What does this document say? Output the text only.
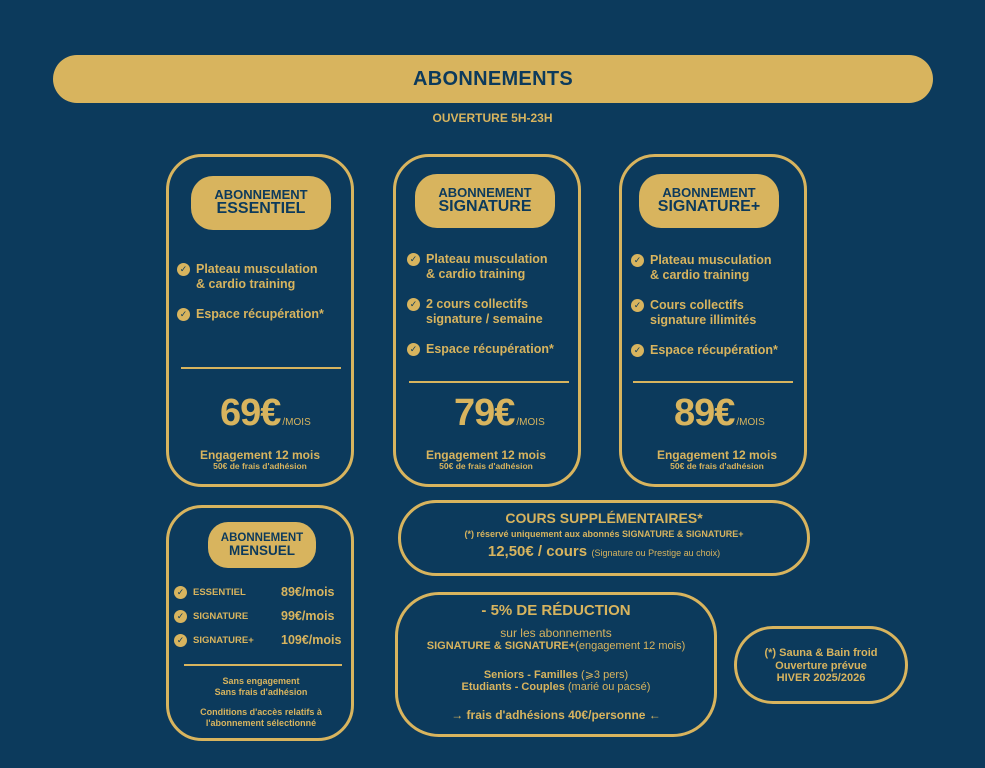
ABONNEMENTS
OUVERTURE 5H-23H
ABONNEMENT
ESSENTIEL
✓ Plateau musculation
& cardio training
✓ Espace récupération*
69€ /MOIS
Engagement 12 mois
50€ de frais d'adhésion
ABONNEMENT
SIGNATURE
✓ Plateau musculation
& cardio training
✓ 2 cours collectifs
signature / semaine
✓ Espace récupération*
79€ /MOIS
Engagement 12 mois
50€ de frais d'adhésion
ABONNEMENT
SIGNATURE+
✓ Plateau musculation
& cardio training
✓ Cours collectifs
signature illimités
✓ Espace récupération*
89€ /MOIS
Engagement 12 mois
50€ de frais d'adhésion
ABONNEMENT
MENSUEL
✓ ESSENTIEL	89€/mois
✓ SIGNATURE	99€/mois
✓ SIGNATURE+	109€/mois
Sans engagement
Sans frais d'adhésion
Conditions d'accès relatifs à
l'abonnement sélectionné
COURS SUPPLÉMENTAIRES*
(*) réservé uniquement aux abonnés SIGNATURE & SIGNATURE+
12,50€ / cours (Signature ou Prestige au choix)
- 5% DE RÉDUCTION
sur les abonnements
SIGNATURE & SIGNATURE+(engagement 12 mois)
Seniors - Familles (⩾3 pers)
Etudiants - Couples (marié ou pacsé)
→ frais d'adhésions 40€/personne ←
(*) Sauna & Bain froid
Ouverture prévue
HIVER 2025/2026
